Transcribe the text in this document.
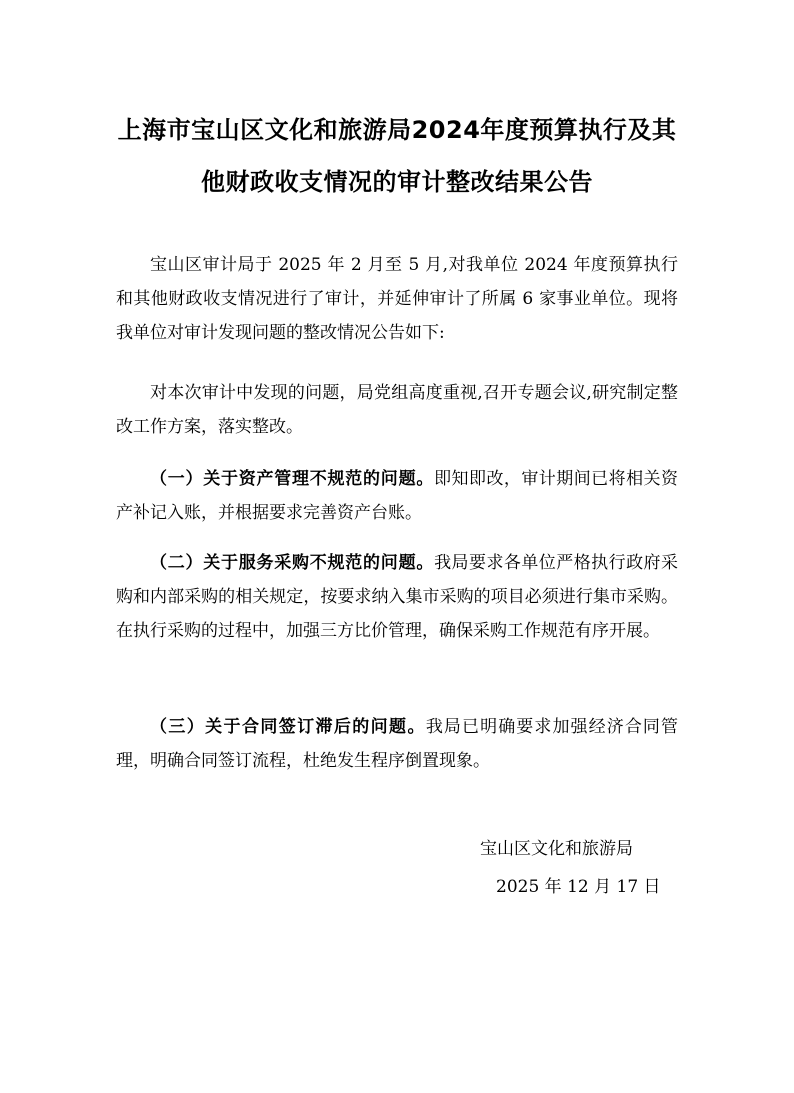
上海市宝山区文化和旅游局2024年度预算执行及其
他财政收支情况的审计整改结果公告

宝山区审计局于 2025 年 2 月至 5 月,对我单位 2024 年度预算执行和其他财政收支情况进行了审计，并延伸审计了所属 6 家事业单位。现将我单位对审计发现问题的整改情况公告如下:

对本次审计中发现的问题，局党组高度重视,召开专题会议,研究制定整改工作方案，落实整改。

（一）关于资产管理不规范的问题。即知即改，审计期间已将相关资产补记入账，并根据要求完善资产台账。

（二）关于服务采购不规范的问题。我局要求各单位严格执行政府采购和内部采购的相关规定，按要求纳入集市采购的项目必须进行集市采购。在执行采购的过程中，加强三方比价管理，确保采购工作规范有序开展。

（三）关于合同签订滞后的问题。我局已明确要求加强经济合同管理，明确合同签订流程，杜绝发生程序倒置现象。

宝山区文化和旅游局
2025 年 12 月 17 日
